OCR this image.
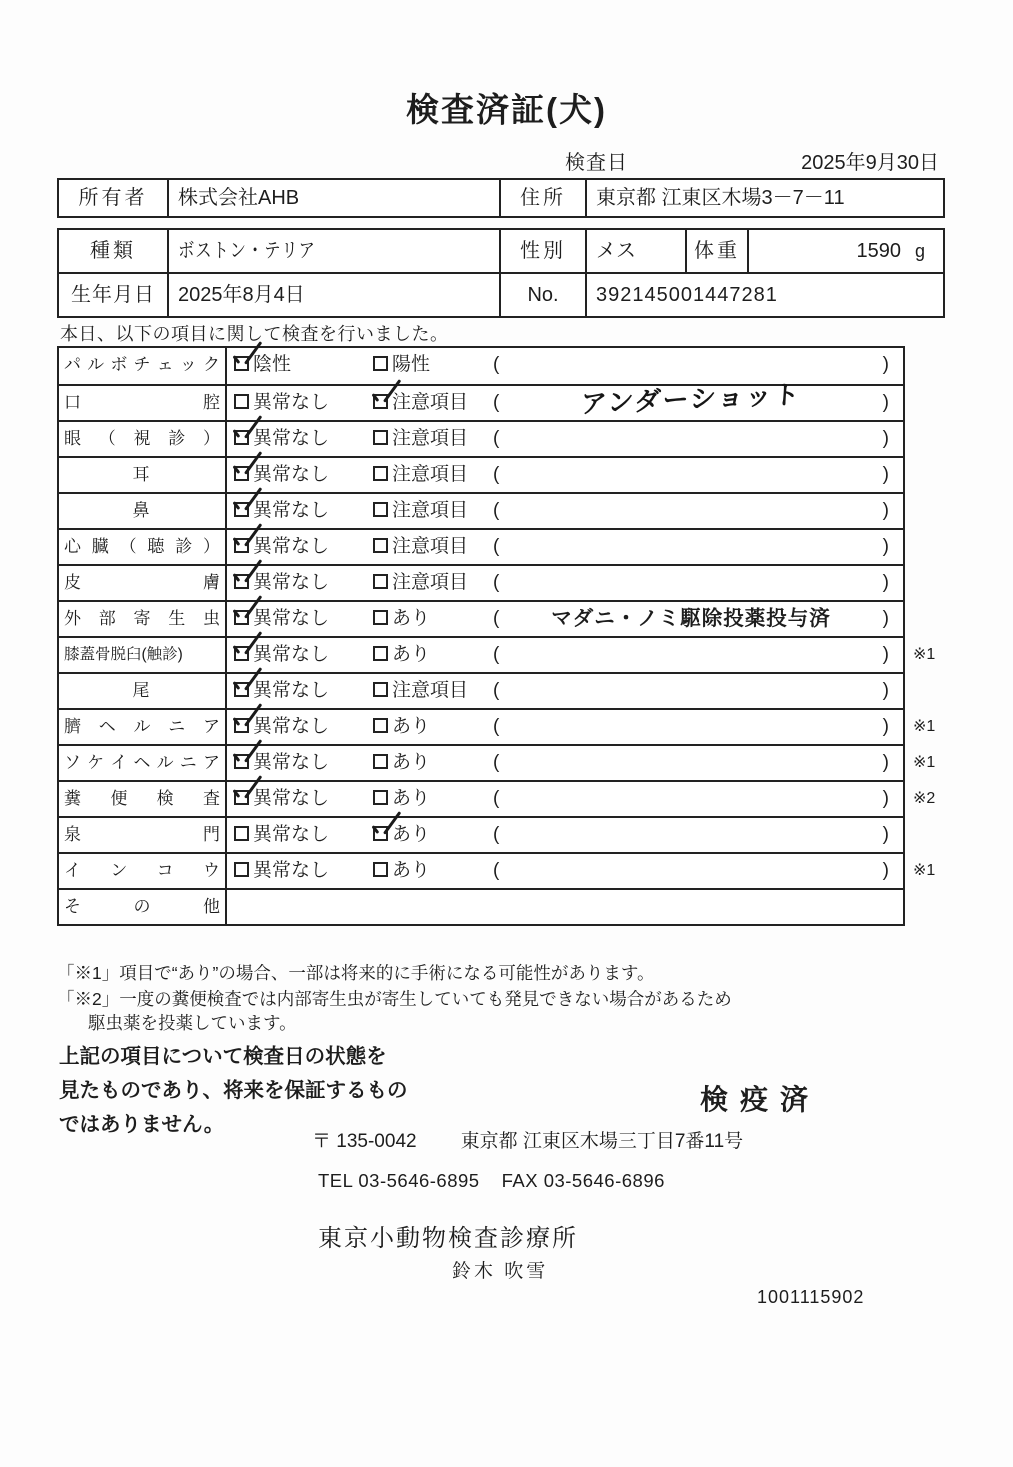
検査済証(犬)
検査日	2025年9月30日
所有者	株式会社AHB	住所	東京都 江東区木場3－7－11
種類	ボストン・テリア	性別	メス	体重	1590 g
生年月日	2025年8月4日	No.	392145001447281
本日、以下の項目に関して検査を行いました。
パ ル ボ チ ェ ッ ク	陰性	陽性	(	)
口	腔	異常なし	注意項目 (	アンダーショット	)
眼 （ 視 診 ）	異常なし	注意項目 (	)
耳	異常なし	注意項目 (	)
鼻	異常なし	注意項目 (	)
心 臓 （ 聴 診 ）	異常なし	注意項目 (	)
皮	膚	異常なし	注意項目 (	)
外 部 寄 生 虫	異常なし	あり	(	マダニ・ノミ駆除投薬投与済	)
膝蓋骨脱臼(触診)	異常なし	あり	(	)	※1
尾	異常なし	注意項目 (	)
臍 ヘ ル ニ ア	異常なし	あり	(	)	※1
ソ ケ イ ヘ ル ニ ア	異常なし	あり	(	)	※1
糞 便 検 査	異常なし	あり	(	)	※2
泉	門	異常なし	あり	(	)
イ ン コ ウ	異常なし	あり	(	)	※1
そ	の	他
「※1」項目で“あり”の場合、一部は将来的に手術になる可能性があります。
「※2」一度の糞便検査では内部寄生虫が寄生していても発見できない場合があるため
駆虫薬を投薬しています。
上記の項目について検査日の状態を
見たものであり、将来を保証するもの
ではありません。
検疫済
〒 135-0042 東京都 江東区木場三丁目7番11号
TEL 03-5646-6895 FAX 03-5646-6896
東京小動物検査診療所
鈴木 吹雪
1001115902
